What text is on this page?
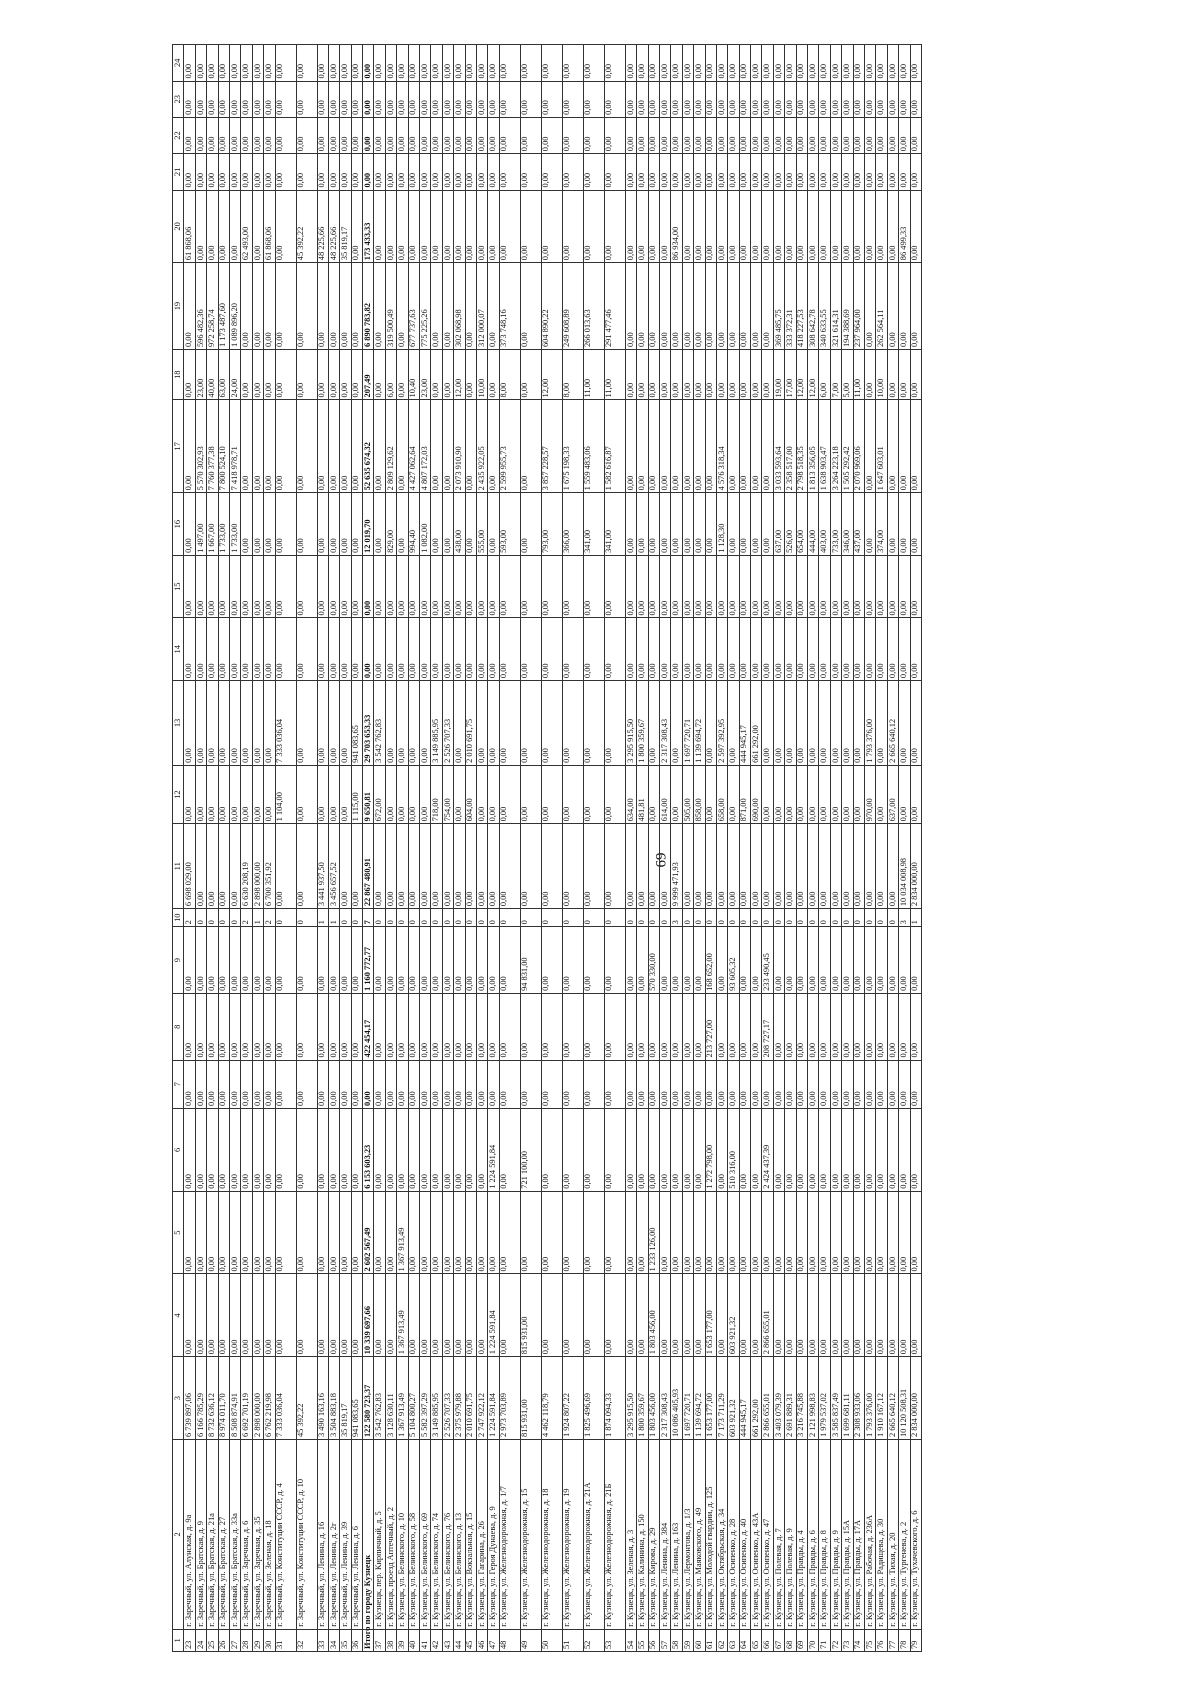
69
1	2	3	4	5	6	7	8	9	10	11	12	13	14	15	16	17	18	19	20	21	22	23	24
23	г. Заречный, ул. Алунская, д. 9а	6 739 897,06	0,00	0,00	0,00	0,00	0,00	0,00	2	6 698 029,00	0,00	0,00	0,00	0,00	0,00	0,00	0,00	0,00	61 868,06	0,00	0,00	0,00	0,00
24	г. Заречный, ул. Братская, д. 9	6 166 785,29	0,00	0,00	0,00	0,00	0,00	0,00	0	0,00	0,00	0,00	0,00	0,00	1 497,00	5 570 302,93	23,00	596 482,36	0,00	0,00	0,00	0,00	0,00
25	г. Заречный, ул. Братская, д. 21а	8 732 636,12	0,00	0,00	0,00	0,00	0,00	0,00	0	0,00	0,00	0,00	0,00	0,00	1 667,00	7 760 377,38	40,00	972 258,74	0,00	0,00	0,00	0,00	0,00
26	г. Заречный, ул. Братская, д. 27	8 974 011,70	0,00	0,00	0,00	0,00	0,00	0,00	0	0,00	0,00	0,00	0,00	0,00	1 733,00	7 800 524,10	63,00	1 173 487,60	0,00	0,00	0,00	0,00	0,00
27	г. Заречный, ул. Братская, д. 33а	8 508 874,91	0,00	0,00	0,00	0,00	0,00	0,00	0	0,00	0,00	0,00	0,00	0,00	1 733,00	7 418 978,71	24,00	1 089 896,20	0,00	0,00	0,00	0,00	0,00
28	г. Заречный, ул. Заречная, д. 6	6 692 701,19	0,00	0,00	0,00	0,00	0,00	0,00	2	6 630 208,19	0,00	0,00	0,00	0,00	0,00	0,00	0,00	0,00	62 493,00	0,00	0,00	0,00	0,00
29	г. Заречный, ул. Заречная, д. 35	2 898 000,00	0,00	0,00	0,00	0,00	0,00	0,00	1	2 898 000,00	0,00	0,00	0,00	0,00	0,00	0,00	0,00	0,00	0,00	0,00	0,00	0,00	0,00
30	г. Заречный, ул. Зеленая, д. 18	6 762 219,98	0,00	0,00	0,00	0,00	0,00	0,00	2	6 700 351,92	0,00	0,00	0,00	0,00	0,00	0,00	0,00	0,00	61 868,06	0,00	0,00	0,00	0,00
31	г. Заречный, ул. Конституции СССР, д. 4	7 333 036,04	0,00	0,00	0,00	0,00	0,00	0,00	0	0,00	1 104,00	7 333 036,04	0,00	0,00	0,00	0,00	0,00	0,00	0,00	0,00	0,00	0,00	0,00
32	г. Заречный, ул. Конституции СССР, д. 10	45 392,22	0,00	0,00	0,00	0,00	0,00	0,00	0	0,00	0,00	0,00	0,00	0,00	0,00	0,00	0,00	0,00	45 392,22	0,00	0,00	0,00	0,00
33	г. Заречный, ул. Ленина, д. 16	3 490 163,16	0,00	0,00	0,00	0,00	0,00	0,00	1	3 441 937,50	0,00	0,00	0,00	0,00	0,00	0,00	0,00	0,00	48 225,66	0,00	0,00	0,00	0,00
34	г. Заречный, ул. Ленина, д. 2г	3 504 883,18	0,00	0,00	0,00	0,00	0,00	0,00	1	3 456 657,52	0,00	0,00	0,00	0,00	0,00	0,00	0,00	0,00	48 225,66	0,00	0,00	0,00	0,00
35	г. Заречный, ул. Ленина, д. 39	35 819,17	0,00	0,00	0,00	0,00	0,00	0,00	0	0,00	0,00	0,00	0,00	0,00	0,00	0,00	0,00	0,00	35 819,17	0,00	0,00	0,00	0,00
36	г. Заречный, ул. Ленина, д. 6	941 083,65	0,00	0,00	0,00	0,00	0,00	0,00	0	0,00	1 115,00	941 083,65	0,00	0,00	0,00	0,00	0,00	0,00	0,00	0,00	0,00	0,00	0,00
Итого по городу Кузнецк		122 580 723,37	10 339 697,66	2 602 567,49	6 153 603,23	0,00	422 454,17	1 160 772,77	7	22 867 480,91	9 650,81	29 703 653,33	0,00	0,00	12 019,70	52 635 674,32	207,49	6 890 783,82	173 433,33	0,00	0,00	0,00	0,00
37	г. Кузнецк, пер. Кирпичный, д. 5	3 542 762,83	0,00	0,00	0,00	0,00	0,00	0,00	0	0,00	672,00	3 542 762,83	0,00	0,00	0,00	0,00	0,00	0,00	0,00	0,00	0,00	0,00	0,00
38	г. Кузнецк, проезд Аптечный, д. 2	3 128 630,11	0,00	0,00	0,00	0,00	0,00	0,00	0	0,00	0,00	0,00	0,00	0,00	829,00	2 809 129,62	6,00	319 500,49	0,00	0,00	0,00	0,00	0,00
39	г. Кузнецк, ул. Белинского, д. 10	1 367 913,49	1 367 913,49	1 367 913,49	0,00	0,00	0,00	0,00	0	0,00	0,00	0,00	0,00	0,00	0,00	0,00	0,00	0,00	0,00	0,00	0,00	0,00	0,00
40	г. Кузнецк, ул. Белинского, д. 58	5 104 800,27	0,00	0,00	0,00	0,00	0,00	0,00	0	0,00	0,00	0,00	0,00	0,00	994,40	4 427 062,64	10,40	677 737,63	0,00	0,00	0,00	0,00	0,00
41	г. Кузнецк, ул. Белинского, д. 69	5 582 397,29	0,00	0,00	0,00	0,00	0,00	0,00	0	0,00	0,00	0,00	0,00	0,00	1 082,00	4 807 172,03	23,00	775 225,26	0,00	0,00	0,00	0,00	0,00
42	г. Кузнецк, ул. Белинского, д. 74	3 149 885,95	0,00	0,00	0,00	0,00	0,00	0,00	0	0,00	718,00	3 149 885,95	0,00	0,00	0,00	0,00	0,00	0,00	0,00	0,00	0,00	0,00	0,00
43	г. Кузнецк, ул. Белинского, д. 76	2 526 707,33	0,00	0,00	0,00	0,00	0,00	0,00	0	0,00	754,00	2 526 707,33	0,00	0,00	0,00	0,00	0,00	0,00	0,00	0,00	0,00	0,00	0,00
44	г. Кузнецк, ул. Белинского, д. 13	2 375 979,88	0,00	0,00	0,00	0,00	0,00	0,00	0	0,00	0,00	0,00	0,00	0,00	438,00	2 073 910,90	12,00	302 068,98	0,00	0,00	0,00	0,00	0,00
45	г. Кузнецк, ул. Вокзальная, д. 15	2 010 691,75	0,00	0,00	0,00	0,00	0,00	0,00	0	0,00	604,00	2 010 691,75	0,00	0,00	0,00	0,00	0,00	0,00	0,00	0,00	0,00	0,00	0,00
46	г. Кузнецк, ул. Гагарина, д. 26	2 747 922,12	0,00	0,00	0,00	0,00	0,00	0,00	0	0,00	0,00	0,00	0,00	0,00	555,00	2 435 922,05	10,00	312 000,07	0,00	0,00	0,00	0,00	0,00
47	г. Кузнецк, ул. Героя Дунаева, д. 9	1 224 591,84	1 224 591,84	0,00	1 224 591,84	0,00	0,00	0,00	0	0,00	0,00	0,00	0,00	0,00	0,00	0,00	0,00	0,00	0,00	0,00	0,00	0,00	0,00
48	г. Кузнецк, ул. Железнодорожная, д. 1/7	2 973 703,89	0,00	0,00	0,00	0,00	0,00	0,00	0	0,00	0,00	0,00	0,00	0,00	593,00	2 599 955,73	8,00	373 748,16	0,00	0,00	0,00	0,00	0,00
49	г. Кузнецк, ул. Железнодорожная, д. 15	815 931,00	815 931,00	0,00	721 100,00	0,00	0,00	94 831,00	0	0,00	0,00	0,00	0,00	0,00	0,00	0,00	0,00	0,00	0,00	0,00	0,00	0,00	0,00
50	г. Кузнецк, ул. Железнодорожная, д. 18	4 462 118,79	0,00	0,00	0,00	0,00	0,00	0,00	0	0,00	0,00	0,00	0,00	0,00	793,00	3 857 228,57	12,00	604 890,22	0,00	0,00	0,00	0,00	0,00
51	г. Кузнецк, ул. Железнодорожная, д. 19	1 924 807,22	0,00	0,00	0,00	0,00	0,00	0,00	0	0,00	0,00	0,00	0,00	0,00	366,00	1 675 198,33	8,00	249 608,89	0,00	0,00	0,00	0,00	0,00
52	г. Кузнецк, ул. Железнодорожная, д. 21А	1 825 496,69	0,00	0,00	0,00	0,00	0,00	0,00	0	0,00	0,00	0,00	0,00	0,00	341,00	1 559 483,06	11,00	266 013,63	0,00	0,00	0,00	0,00	0,00
53	г. Кузнецк, ул. Железнодорожная, д. 21Б	1 874 094,33	0,00	0,00	0,00	0,00	0,00	0,00	0	0,00	0,00	0,00	0,00	0,00	341,00	1 582 616,87	11,00	291 477,46	0,00	0,00	0,00	0,00	0,00
54	г. Кузнецк, ул. Зеленая, д. 3	3 295 915,50	0,00	0,00	0,00	0,00	0,00	0,00	0	0,00	634,00	3 295 915,50	0,00	0,00	0,00	0,00	0,00	0,00	0,00	0,00	0,00	0,00	0,00
55	г. Кузнецк, ул. Калинина, д. 150	1 800 359,67	0,00	0,00	0,00	0,00	0,00	0,00	0	0,00	481,81	1 800 359,67	0,00	0,00	0,00	0,00	0,00	0,00	0,00	0,00	0,00	0,00	0,00
56	г. Кузнецк, ул. Кирова, д. 29	1 803 456,00	1 803 456,00	1 233 126,00	0,00	0,00	0,00	570 330,00	0	0,00	0,00	0,00	0,00	0,00	0,00	0,00	0,00	0,00	0,00	0,00	0,00	0,00	0,00
57	г. Кузнецк, ул. Ленина, д. 384	2 317 308,43	0,00	0,00	0,00	0,00	0,00	0,00	0	0,00	614,00	2 317 308,43	0,00	0,00	0,00	0,00	0,00	0,00	0,00	0,00	0,00	0,00	0,00
58	г. Кузнецк, ул. Ленина, д. 163	10 086 405,93	0,00	0,00	0,00	0,00	0,00	0,00	3	9 999 471,93	0,00	0,00	0,00	0,00	0,00	0,00	0,00	0,00	86 934,00	0,00	0,00	0,00	0,00
59	г. Кузнецк, ул. Лермонтова, д. 1/3	1 697 720,71	0,00	0,00	0,00	0,00	0,00	0,00	0	0,00	505,00	1 697 720,71	0,00	0,00	0,00	0,00	0,00	0,00	0,00	0,00	0,00	0,00	0,00
60	г. Кузнецк, ул. Маяковского, д. 49	1 139 694,72	0,00	0,00	0,00	0,00	0,00	0,00	0	0,00	858,00	1 139 694,72	0,00	0,00	0,00	0,00	0,00	0,00	0,00	0,00	0,00	0,00	0,00
61	г. Кузнецк, ул. Молодой гвардии, д. 125	1 653 177,00	1 653 177,00	0,00	1 272 798,00	0,00	213 727,00	168 652,00	0	0,00	0,00	0,00	0,00	0,00	0,00	0,00	0,00	0,00	0,00	0,00	0,00	0,00	0,00
62	г. Кузнецк, ул. Октябрьская, д. 34	7 173 711,29	0,00	0,00	0,00	0,00	0,00	0,00	0	0,00	658,00	2 597 392,95	0,00	0,00	1 128,30	4 576 318,34	0,00	0,00	0,00	0,00	0,00	0,00	0,00
63	г. Кузнецк, ул. Осипенко, д. 28	603 921,32	603 921,32	0,00	510 316,00	0,00	0,00	93 605,32	0	0,00	0,00	0,00	0,00	0,00	0,00	0,00	0,00	0,00	0,00	0,00	0,00	0,00	0,00
64	г. Кузнецк, ул. Осипенко, д. 40	444 945,17	0,00	0,00	0,00	0,00	0,00	0,00	0	0,00	871,00	444 945,17	0,00	0,00	0,00	0,00	0,00	0,00	0,00	0,00	0,00	0,00	0,00
65	г. Кузнецк, ул. Осипенко, д. 43А	661 292,00	0,00	0,00	0,00	0,00	0,00	0,00	0	0,00	690,00	661 292,00	0,00	0,00	0,00	0,00	0,00	0,00	0,00	0,00	0,00	0,00	0,00
66	г. Кузнецк, ул. Осипенко, д. 47	2 866 655,01	2 866 655,01	0,00	2 424 437,39	0,00	208 727,17	233 490,45	0	0,00	0,00	0,00	0,00	0,00	0,00	0,00	0,00	0,00	0,00	0,00	0,00	0,00	0,00
67	г. Кузнецк, ул. Полевая, д. 7	3 403 079,39	0,00	0,00	0,00	0,00	0,00	0,00	0	0,00	0,00	0,00	0,00	0,00	637,00	3 033 593,64	19,00	369 485,75	0,00	0,00	0,00	0,00	0,00
68	г. Кузнецк, ул. Полевая, д. 9	2 691 889,31	0,00	0,00	0,00	0,00	0,00	0,00	0	0,00	0,00	0,00	0,00	0,00	526,00	2 358 517,00	17,00	333 372,31	0,00	0,00	0,00	0,00	0,00
69	г. Кузнецк, ул. Правды, д. 4	3 216 745,88	0,00	0,00	0,00	0,00	0,00	0,00	0	0,00	0,00	0,00	0,00	0,00	654,00	2 798 518,35	12,00	418 227,53	0,00	0,00	0,00	0,00	0,00
70	г. Кузнецк, ул. Правды, д. 6	2 121 998,83	0,00	0,00	0,00	0,00	0,00	0,00	0	0,00	0,00	0,00	0,00	0,00	444,00	1 813 356,05	12,00	308 642,78	0,00	0,00	0,00	0,00	0,00
71	г. Кузнецк, ул. Правды, д. 8	1 979 537,02	0,00	0,00	0,00	0,00	0,00	0,00	0	0,00	0,00	0,00	0,00	0,00	403,00	1 638 903,47	6,00	340 633,55	0,00	0,00	0,00	0,00	0,00
72	г. Кузнецк, ул. Правды, д. 9	3 585 837,49	0,00	0,00	0,00	0,00	0,00	0,00	0	0,00	0,00	0,00	0,00	0,00	733,00	3 264 223,18	7,00	321 614,31	0,00	0,00	0,00	0,00	0,00
73	г. Кузнецк, ул. Правды, д. 15А	1 699 681,11	0,00	0,00	0,00	0,00	0,00	0,00	0	0,00	0,00	0,00	0,00	0,00	346,00	1 505 292,42	5,00	194 388,69	0,00	0,00	0,00	0,00	0,00
74	г. Кузнецк, ул. Правды, д. 17А	2 308 933,06	0,00	0,00	0,00	0,00	0,00	0,00	0	0,00	0,00	0,00	0,00	0,00	437,00	2 070 969,06	11,00	237 964,00	0,00	0,00	0,00	0,00	0,00
75	г. Кузнецк, ул. Рабочая, д. 236А	1 793 376,00	0,00	0,00	0,00	0,00	0,00	0,00	0	0,00	970,00	1 793 376,00	0,00	0,00	0,00	0,00	0,00	0,00	0,00	0,00	0,00	0,00	0,00
76	г. Кузнецк, ул. Радищева, д. 30	1 910 167,12	0,00	0,00	0,00	0,00	0,00	0,00	0	0,00	0,00	0,00	0,00	0,00	374,00	1 647 603,01	10,00	262 564,11	0,00	0,00	0,00	0,00	0,00
77	г. Кузнецк, ул. Тихая, д. 20	2 665 640,12	0,00	0,00	0,00	0,00	0,00	0,00	0	0,00	637,00	2 665 640,12	0,00	0,00	0,00	0,00	0,00	0,00	0,00	0,00	0,00	0,00	0,00
78	г. Кузнецк, ул. Тургенева, д. 2	10 120 508,31	0,00	0,00	0,00	0,00	0,00	0,00	3	10 034 008,98	0,00	0,00	0,00	0,00	0,00	0,00	0,00	0,00	86 499,33	0,00	0,00	0,00	0,00
79	г. Кузнецк, ул. Тухачевского, д. 6	2 834 000,00	0,00	0,00	0,00	0,00	0,00	0,00	1	2 834 000,00	0,00	0,00	0,00	0,00	0,00	0,00	0,00	0,00	0,00	0,00	0,00	0,00	0,00
